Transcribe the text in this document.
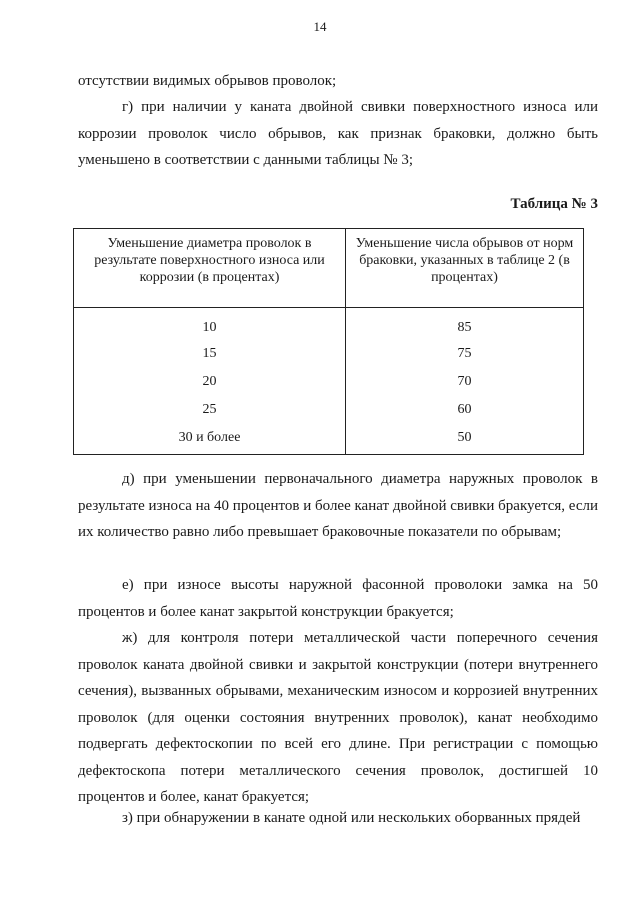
14

отсутствии видимых обрывов проволок;

г) при наличии у каната двойной свивки поверхностного износа или коррозии проволок число обрывов, как признак браковки, должно быть уменьшено в соответствии с данными таблицы № 3;

Таблица № 3
Уменьшение диаметра проволок в результате поверхностного износа или коррозии (в процентах)	Уменьшение числа обрывов от норм браковки, указанных в таблице 2 (в процентах)
10	85
15	75
20	70
25	60
30 и более	50

д) при уменьшении первоначального диаметра наружных проволок в результате износа на 40 процентов и более канат двойной свивки бракуется, если их количество равно либо превышает браковочные показатели по обрывам;

е) при износе высоты наружной фасонной проволоки замка на 50 процентов и более канат закрытой конструкции бракуется;

ж) для контроля потери металлической части поперечного сечения проволок каната двойной свивки и закрытой конструкции (потери внутреннего сечения), вызванных обрывами, механическим износом и коррозией внутренних проволок (для оценки состояния внутренних проволок), канат необходимо подвергать дефектоскопии по всей его длине. При регистрации с помощью дефектоскопа потери металлического сечения проволок, достигшей 10 процентов и более, канат бракуется;

з) при обнаружении в канате одной или нескольких оборванных прядей
